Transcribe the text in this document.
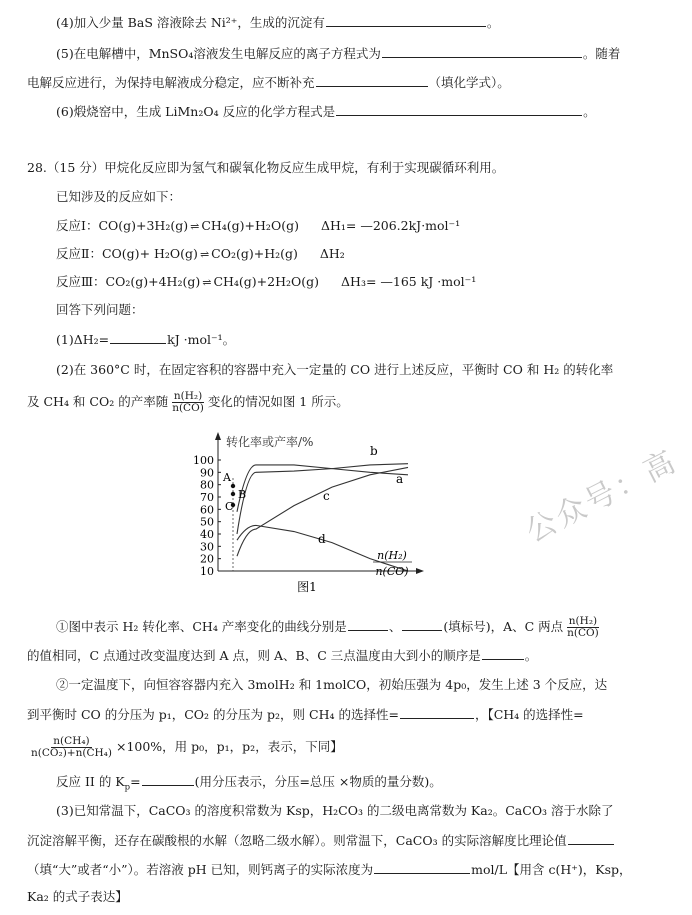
(4)加入少量 BaS 溶液除去 Ni²⁺，生成的沉淀有	。
(5)在电解槽中，MnSO₄溶液发生电解反应的离子方程式为	。随着
电解反应进行，为保持电解液成分稳定，应不断补充	（填化学式）。
(6)煅烧窑中，生成 LiMn₂O₄ 反应的化学方程式是	。
28.（15 分）甲烷化反应即为氢气和碳氧化物反应生成甲烷，有利于实现碳循环利用。
已知涉及的反应如下：
反应Ⅰ：CO(g)+3H₂(g) ⇌ CH₄(g)+H₂O(g) ΔH₁= —206.2kJ·mol⁻¹
反应Ⅱ：CO(g)+ H₂O(g) ⇌ CO₂(g)+H₂(g) ΔH₂
反应Ⅲ：CO₂(g)+4H₂(g) ⇌ CH₄(g)+2H₂O(g) ΔH₃= —165 kJ ·mol⁻¹
回答下列问题：
(1)ΔH₂=	kJ ·mol⁻¹。
(2)在 360°C 时，在固定容积的容器中充入一定量的 CO 进行上述反应，平衡时 CO 和 H₂ 的转化率
及 CH₄ 和 CO₂ 的产率随 $\frac{\text{n(H₂)}}{n(CO)}$ 变化的情况如图 1 所示。
100
90
80
70
60
50
40
30
20
10
转化率或产率/%
A
B
C
a
b
c
d
n(H₂)
n(CO)
图1
公众号：高
①图中表示 H₂ 转化率、CH₄ 产率变化的曲线分别是	、	(填标号)，A、C 两点 $\frac{\text{n(H₂)}}{n(CO)}$
的值相同，C 点通过改变温度达到 A 点，则 A、B、C 三点温度由大到小的顺序是	。
②一定温度下，向恒容容器内充入 3molH₂ 和 1molCO，初始压强为 4p₀，发生上述 3 个反应，达
到平衡时 CO 的分压为 p₁，CO₂ 的分压为 p₂，则 CH₄ 的选择性=	，【CH₄ 的选择性=
$\frac{\text{n(CH₄)}}{\text{n(CO₂)+n(CH₄)}} \times 100\%$，用 p₀，p₁，p₂，表示，下同】
反应 II 的 $K_p=$	(用分压表示，分压=总压 ×物质的量分数)。
(3)已知常温下，CaCO₃ 的溶度积常数为 Ksp，H₂CO₃ 的二级电离常数为 Ka₂。CaCO₃ 溶于水除了
沉淀溶解平衡，还存在碳酸根的水解（忽略二级水解）。则常温下，CaCO₃ 的实际溶解度比理论值
（填“大”或者“小”）。若溶液 pH 已知，则钙离子的实际浓度为	mol/L【用含 c(H⁺)，Ksp，
Ka₂ 的式子表达】
